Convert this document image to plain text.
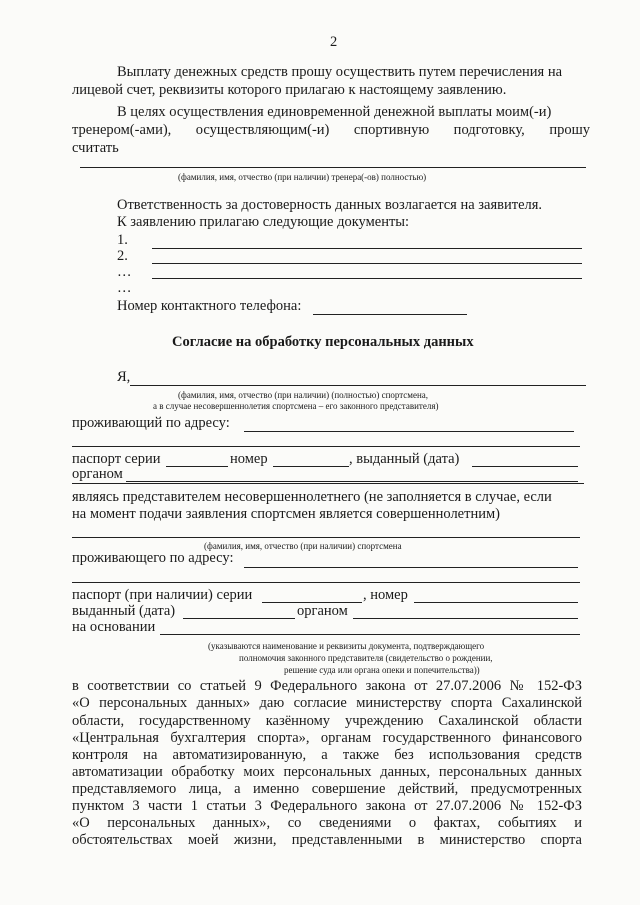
2
Выплату денежных средств прошу осуществить путем перечисления на
лицевой счет, реквизиты которого прилагаю к настоящему заявлению.
В целях осуществления единовременной денежной выплаты моим(-и)
тренером(-ами), осуществляющим(-и) спортивную подготовку, прошу
считать
(фамилия, имя, отчество (при наличии) тренера(-ов) полностью)
Ответственность за достоверность данных возлагается на заявителя.
К заявлению прилагаю следующие документы:
1.
2.
…
…
Номер контактного телефона:
Согласие на обработку персональных данных
Я,
(фамилия, имя, отчество (при наличии) (полностью) спортсмена,
а в случае несовершеннолетия спортсмена – его законного представителя)
проживающий по адресу:
паспорт серии	номер	, выданный (дата)
органом
являясь представителем несовершеннолетнего (не заполняется в случае, если
на момент подачи заявления спортсмен является совершеннолетним)
(фамилия, имя, отчество (при наличии) спортсмена
проживающего по адресу:
паспорт (при наличии) серии	, номер
выданный (дата)	органом
на основании
(указываются наименование и реквизиты документа, подтверждающего
полномочия законного представителя (свидетельство о рождении,
решение суда или органа опеки и попечительства))
в соответствии со статьей 9 Федерального закона от 27.07.2006 № 152-ФЗ
«О персональных данных» даю согласие министерству спорта Сахалинской
области, государственному казённому учреждению Сахалинской области
«Центральная бухгалтерия спорта», органам государственного финансового
контроля на автоматизированную, а также без использования средств
автоматизации обработку моих персональных данных, персональных данных
представляемого лица, а именно совершение действий, предусмотренных
пунктом 3 части 1 статьи 3 Федерального закона от 27.07.2006 № 152-ФЗ
«О персональных данных», со сведениями о фактах, событиях и
обстоятельствах моей жизни, представленными в министерство спорта
